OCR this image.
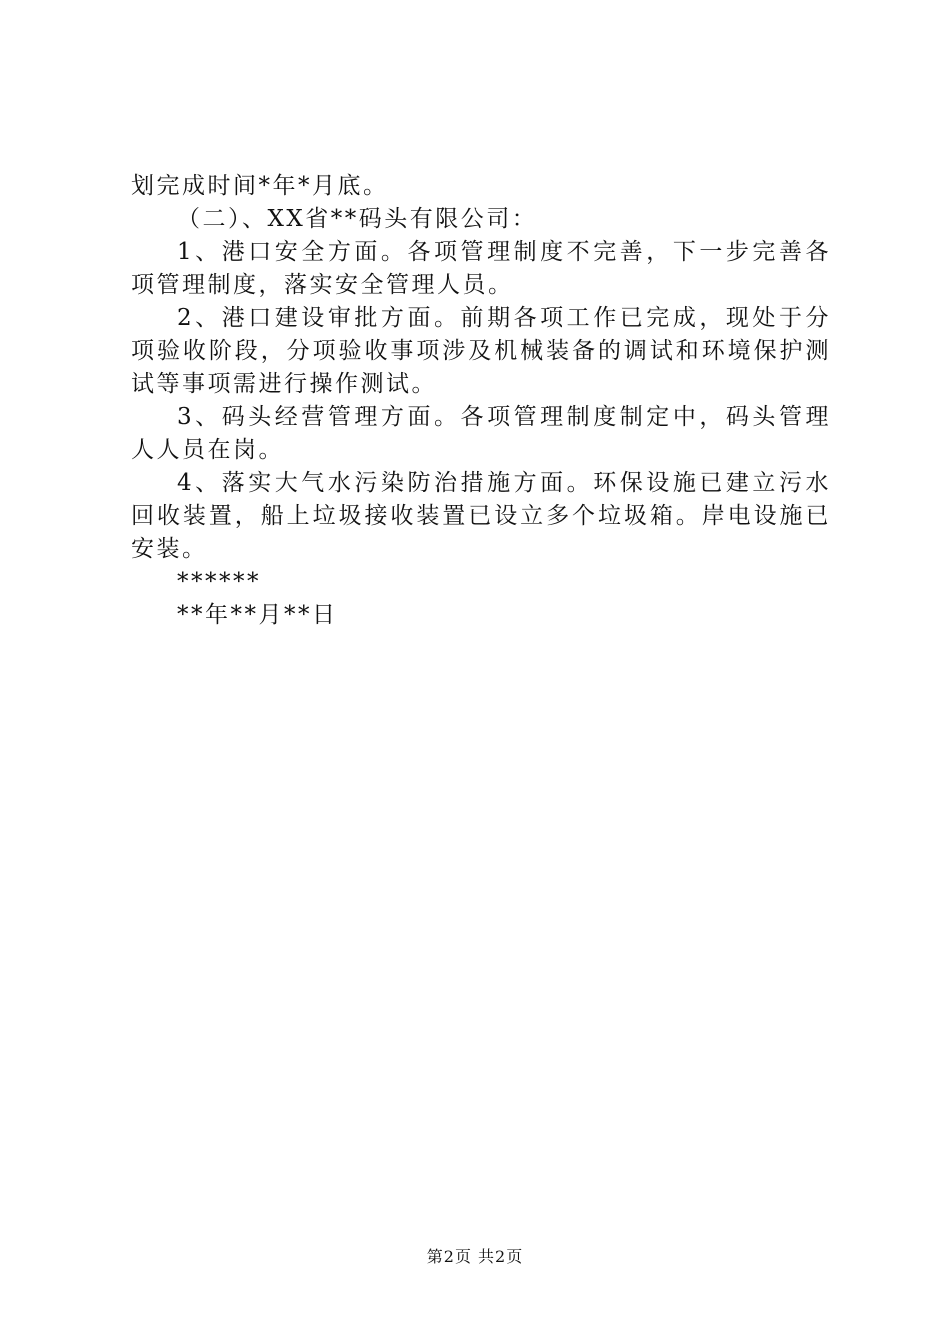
划完成时间*年*月底。

（二）、XX省**码头有限公司：

1、港口安全方面。各项管理制度不完善，下一步完善各项管理制度，落实安全管理人员。

2、港口建设审批方面。前期各项工作已完成，现处于分项验收阶段，分项验收事项涉及机械装备的调试和环境保护测试等事项需进行操作测试。

3、码头经营管理方面。各项管理制度制定中，码头管理人人员在岗。

4、落实大气水污染防治措施方面。环保设施已建立污水回收装置，船上垃圾接收装置已设立多个垃圾箱。岸电设施已安装。

******

**年**月**日

第2页 共2页
